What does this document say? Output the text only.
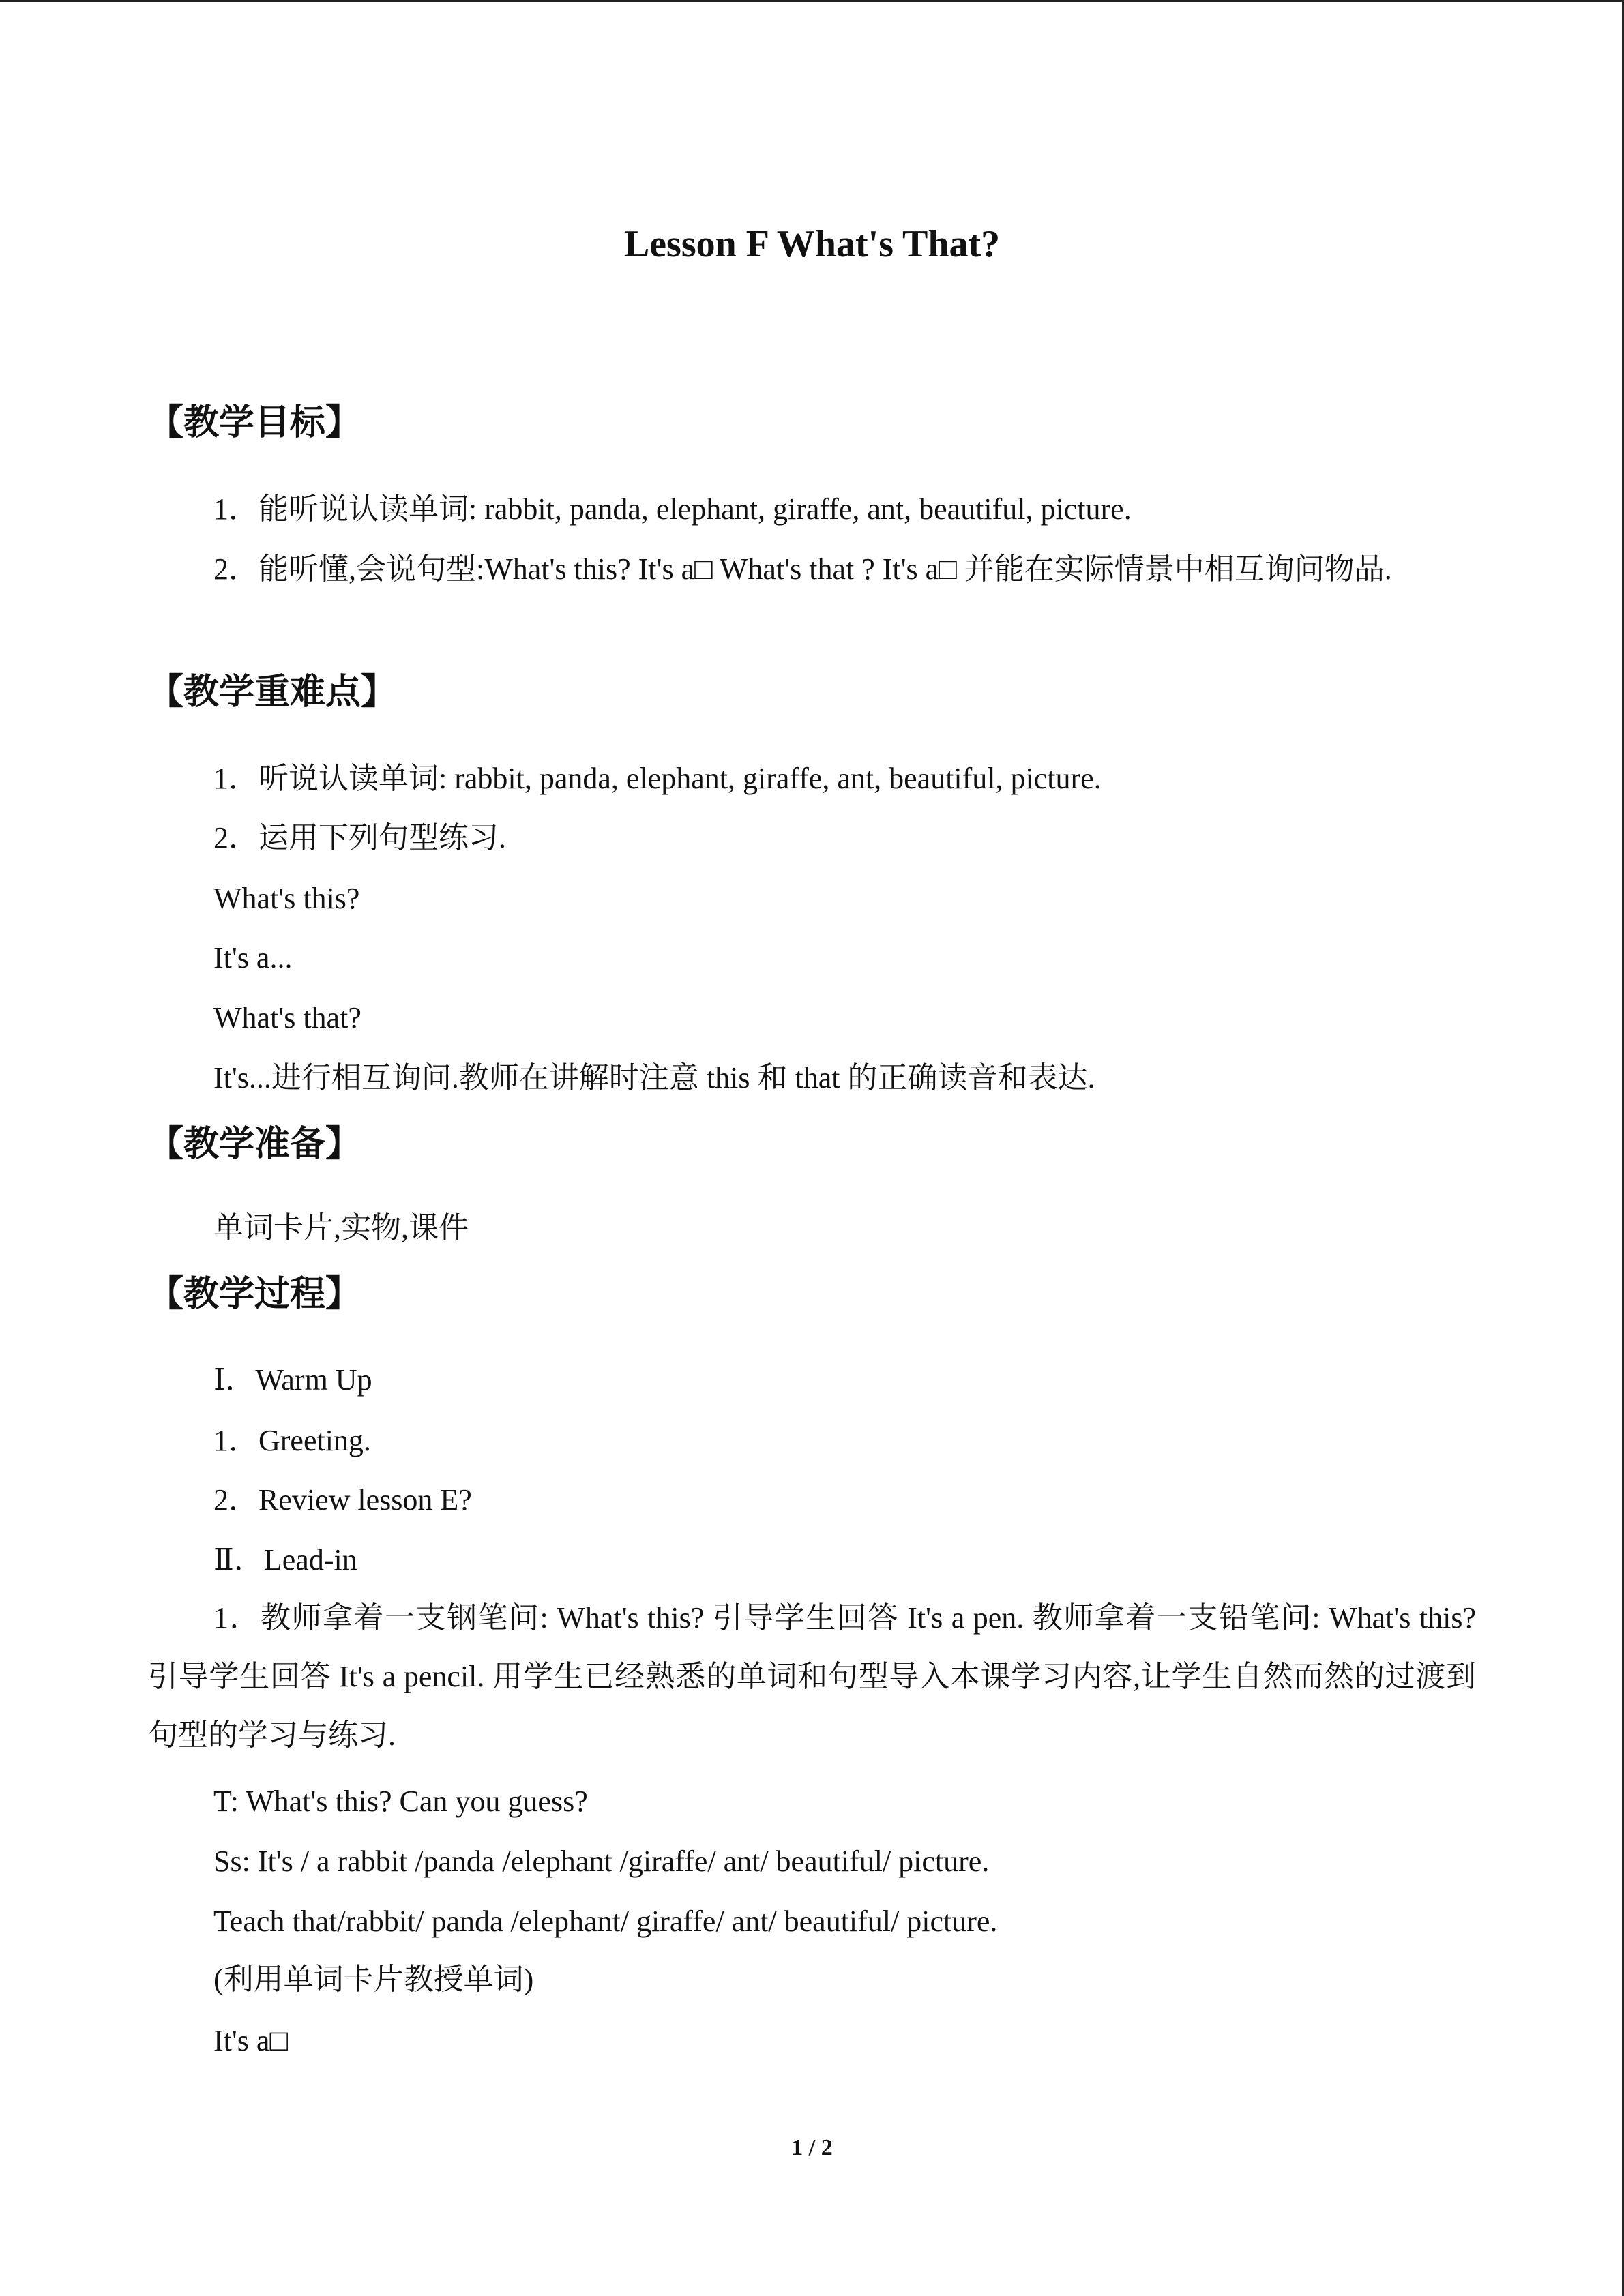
Lesson F What's That?
【教学目标】
1．能听说认读单词: rabbit, panda, elephant, giraffe, ant, beautiful, picture.
2．能听懂,会说句型:What's this? It's a□ What's that ? It's a□ 并能在实际情景中相互询问物品.
【教学重难点】
1．听说认读单词: rabbit, panda, elephant, giraffe, ant, beautiful, picture.
2．运用下列句型练习.
What's this?
It's a...
What's that?
It's...进行相互询问.教师在讲解时注意 this 和 that 的正确读音和表达.
【教学准备】
单词卡片,实物,课件
【教学过程】
Ⅰ．Warm Up
1．Greeting.
2．Review lesson E?
Ⅱ．Lead-in
1．教师拿着一支钢笔问: What's this? 引导学生回答 It's a pen. 教师拿着一支铅笔问: What's this? 引导学生回答 It's a pencil. 用学生已经熟悉的单词和句型导入本课学习内容,让学生自然而然的过渡到句型的学习与练习.
T: What's this? Can you guess?
Ss: It's / a rabbit /panda /elephant /giraffe/ ant/ beautiful/ picture.
Teach that/rabbit/ panda /elephant/ giraffe/ ant/ beautiful/ picture.
(利用单词卡片教授单词)
It's a□
1 / 2
